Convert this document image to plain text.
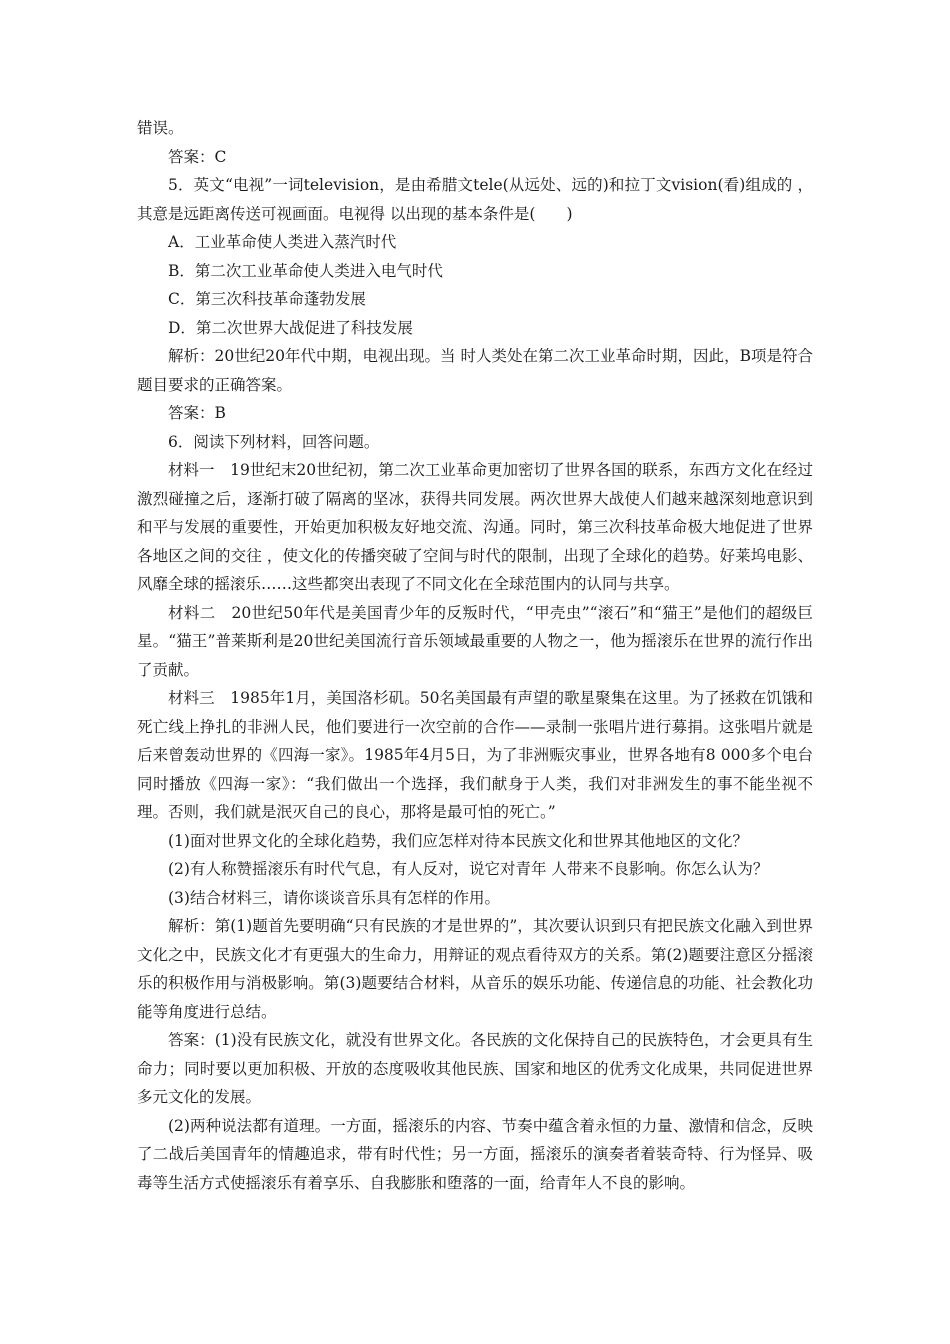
错误。

答案：C

5．英文“电视”一词television，是由希腊文tele(从远处、远的)和拉丁文vision(看)组成的 ，其意是远距离传送可视画面。电视得 以出现的基本条件是(　　)

A．工业革命使人类进入蒸汽时代

B．第二次工业革命使人类进入电气时代

C．第三次科技革命蓬勃发展

D．第二次世界大战促进了科技发展

解析：20世纪20年代中期，电视出现。当 时人类处在第二次工业革命时期，因此，B项是符合题目要求的正确答案。

答案：B

6．阅读下列材料，回答问题。

材料一　19世纪末20世纪初，第二次工业革命更加密切了世界各国的联系，东西方文化在经过激烈碰撞之后，逐渐打破了隔离的坚冰，获得共同发展。两次世界大战使人们越来越深刻地意识到和平与发展的重要性，开始更加积极友好地交流、沟通。同时，第三次科技革命极大地促进了世界各地区之间的交往 ，使文化的传播突破了空间与时代的限制，出现了全球化的趋势。好莱坞电影、风靡全球的摇滚乐……这些都突出表现了不同文化在全球范围内的认同与共享。

材料二　20世纪50年代是美国青少年的反叛时代，“甲壳虫”“滚石”和“猫王”是他们的超级巨星。“猫王”普莱斯利是20世纪美国流行音乐领域最重要的人物之一，他为摇滚乐在世界的流行作出了贡献。

材料三　1985年1月，美国洛杉矶。50名美国最有声望的歌星聚集在这里。为了拯救在饥饿和死亡线上挣扎的非洲人民，他们要进行一次空前的合作——录制一张唱片进行募捐。这张唱片就是后来曾轰动世界的《四海一家》。1985年4月5日，为了非洲赈灾事业，世界各地有8 000多个电台同时播放《四海一家》：“我们做出一个选择，我们献身于人类，我们对非洲发生的事不能坐视不理。否则，我们就是泯灭自己的良心，那将是最可怕的死亡。”

(1)面对世界文化的全球化趋势，我们应怎样对待本民族文化和世界其他地区的文化？

(2)有人称赞摇滚乐有时代气息，有人反对，说它对青年 人带来不良影响。你怎么认为？

(3)结合材料三，请你谈谈音乐具有怎样的作用。

解析：第(1)题首先要明确“只有民族的才是世界的”，其次要认识到只有把民族文化融入到世界文化之中，民族文化才有更强大的生命力，用辩证的观点看待双方的关系。第(2)题要注意区分摇滚乐的积极作用与消极影响。第(3)题要结合材料，从音乐的娱乐功能、传递信息的功能、社会教化功能等角度进行总结。

答案：(1)没有民族文化，就没有世界文化。各民族的文化保持自己的民族特色，才会更具有生命力；同时要以更加积极、开放的态度吸收其他民族、国家和地区的优秀文化成果，共同促进世界多元文化的发展。

(2)两种说法都有道理。一方面，摇滚乐的内容、节奏中蕴含着永恒的力量、激情和信念，反映了二战后美国青年的情趣追求，带有时代性；另一方面，摇滚乐的演奏者着装奇特、行为怪异、吸毒等生活方式使摇滚乐有着享乐、自我膨胀和堕落的一面，给青年人不良的影响。
